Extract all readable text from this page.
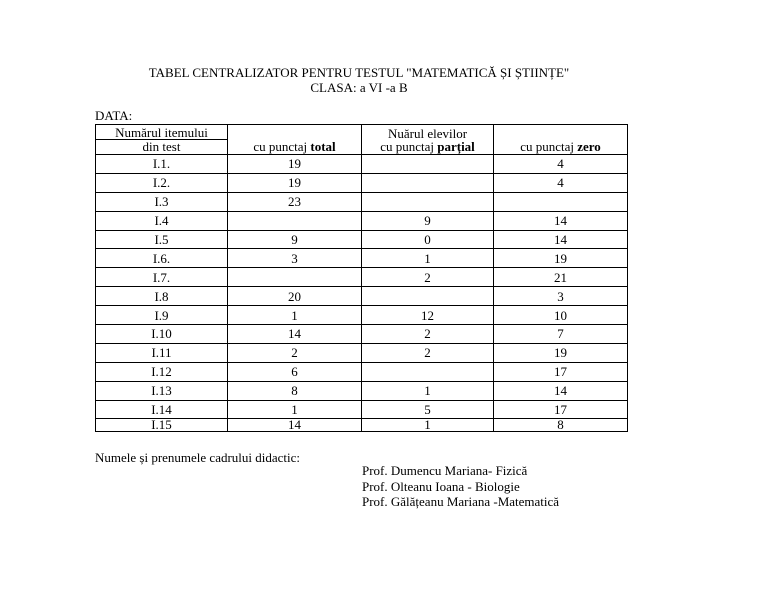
TABEL CENTRALIZATOR PENTRU TESTUL "MATEMATICĂ ȘI ȘTIINȚE"
CLASA: a VI -a B
DATA:
Numărul itemului		Nuărul elevilor	
din test	cu punctaj total	cu punctaj parțial	cu punctaj zero
I.1.	19		4
I.2.	19		4
I.3	23		
I.4		9	14
I.5	9	0	14
I.6.	3	1	19
I.7.		2	21
I.8	20		3
I.9	1	12	10
I.10	14	2	7
I.11	2	2	19
I.12	6		17
I.13	8	1	14
I.14	1	5	17
I.15	14	1	8
Numele și prenumele cadrului didactic:
Prof. Dumencu Mariana- Fizică
Prof. Olteanu Ioana - Biologie
Prof. Gălățeanu Mariana -Matematică
